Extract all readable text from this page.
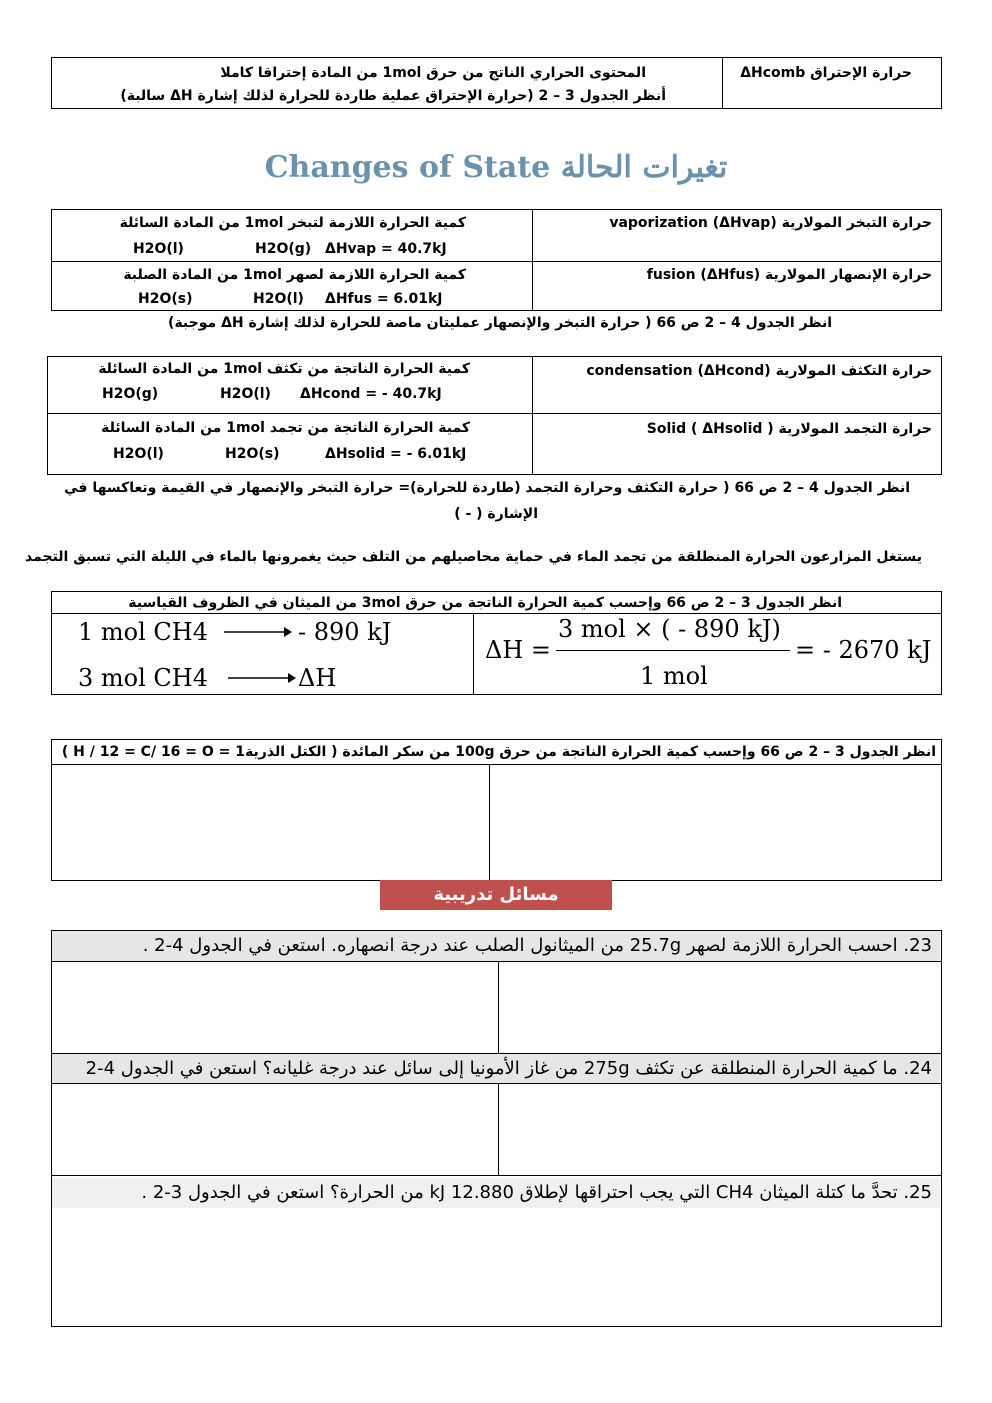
حرارة الإحتراق ΔHcomb
المحتوى الحراري الناتج من حرق 1mol من المادة إحتراقا كاملا
أنظر الجدول 3 – 2 (حرارة الإحتراق عملية طاردة للحرارة لذلك إشارة ΔH سالبة)
Changes of State تغيرات الحالة
حرارة التبخر المولارية vaporization (ΔHvap)
كمية الحرارة اللازمة لتبخر 1mol من المادة السائلة
H2O(l)	H2O(g) ΔHvap = 40.7kJ
حرارة الإنصهار المولارية fusion (ΔHfus)
كمية الحرارة اللازمة لصهر 1mol من المادة الصلبة
H2O(s)	H2O(l) ΔHfus = 6.01kJ
انظر الجدول 4 – 2 ص 66 ( حرارة التبخر والإنصهار عمليتان ماصة للحرارة لذلك إشارة ΔH موجبة)
حرارة التكثف المولارية condensation (ΔHcond)
كمية الحرارة الناتجة من تكثف 1mol من المادة السائلة
H2O(g)	H2O(l) ΔHcond = - 40.7kJ
حرارة التجمد المولارية Solid ( ΔHsolid )
كمية الحرارة الناتجة من تجمد 1mol من المادة السائلة
H2O(l)	H2O(s)	ΔHsolid = - 6.01kJ
انظر الجدول 4 – 2 ص 66 ( حرارة التكثف وحرارة التجمد (طاردة للحرارة)= حرارة التبخر والإنصهار في القيمة وتعاكسها في
الإشارة ( - )
يستغل المزارعون الحرارة المنطلقة من تجمد الماء في حماية محاصيلهم من التلف حيث يغمرونها بالماء في الليلة التي تسبق التجمد
انظر الجدول 3 – 2 ص 66 وإحسب كمية الحرارة الناتجة من حرق 3mol من الميثان في الظروف القياسية
1 mol CH4	- 890 kJ
3 mol CH4	ΔH
ΔH =
3 mol × ( - 890 kJ)
1 mol
= - 2670 kJ
انظر الجدول 3 – 2 ص 66 وإحسب كمية الحرارة الناتجة من حرق 100g من سكر المائدة ( الكتل الذرية1 = H / 12 = C/ 16 = O )
مسائل تدريبية
23. احسب الحرارة اللازمة لصهر 25.7g من الميثانول الصلب عند درجة انصهاره. استعن في الجدول 4-2 .
24. ما كمية الحرارة المنطلقة عن تكثف 275g من غاز الأمونيا إلى سائل عند درجة غليانه؟ استعن في الجدول 4-2
25. تحدَّ ما كتلة الميثان CH4 التي يجب احتراقها لإطلاق 12.880 kJ من الحرارة؟ استعن في الجدول 3-2 .
